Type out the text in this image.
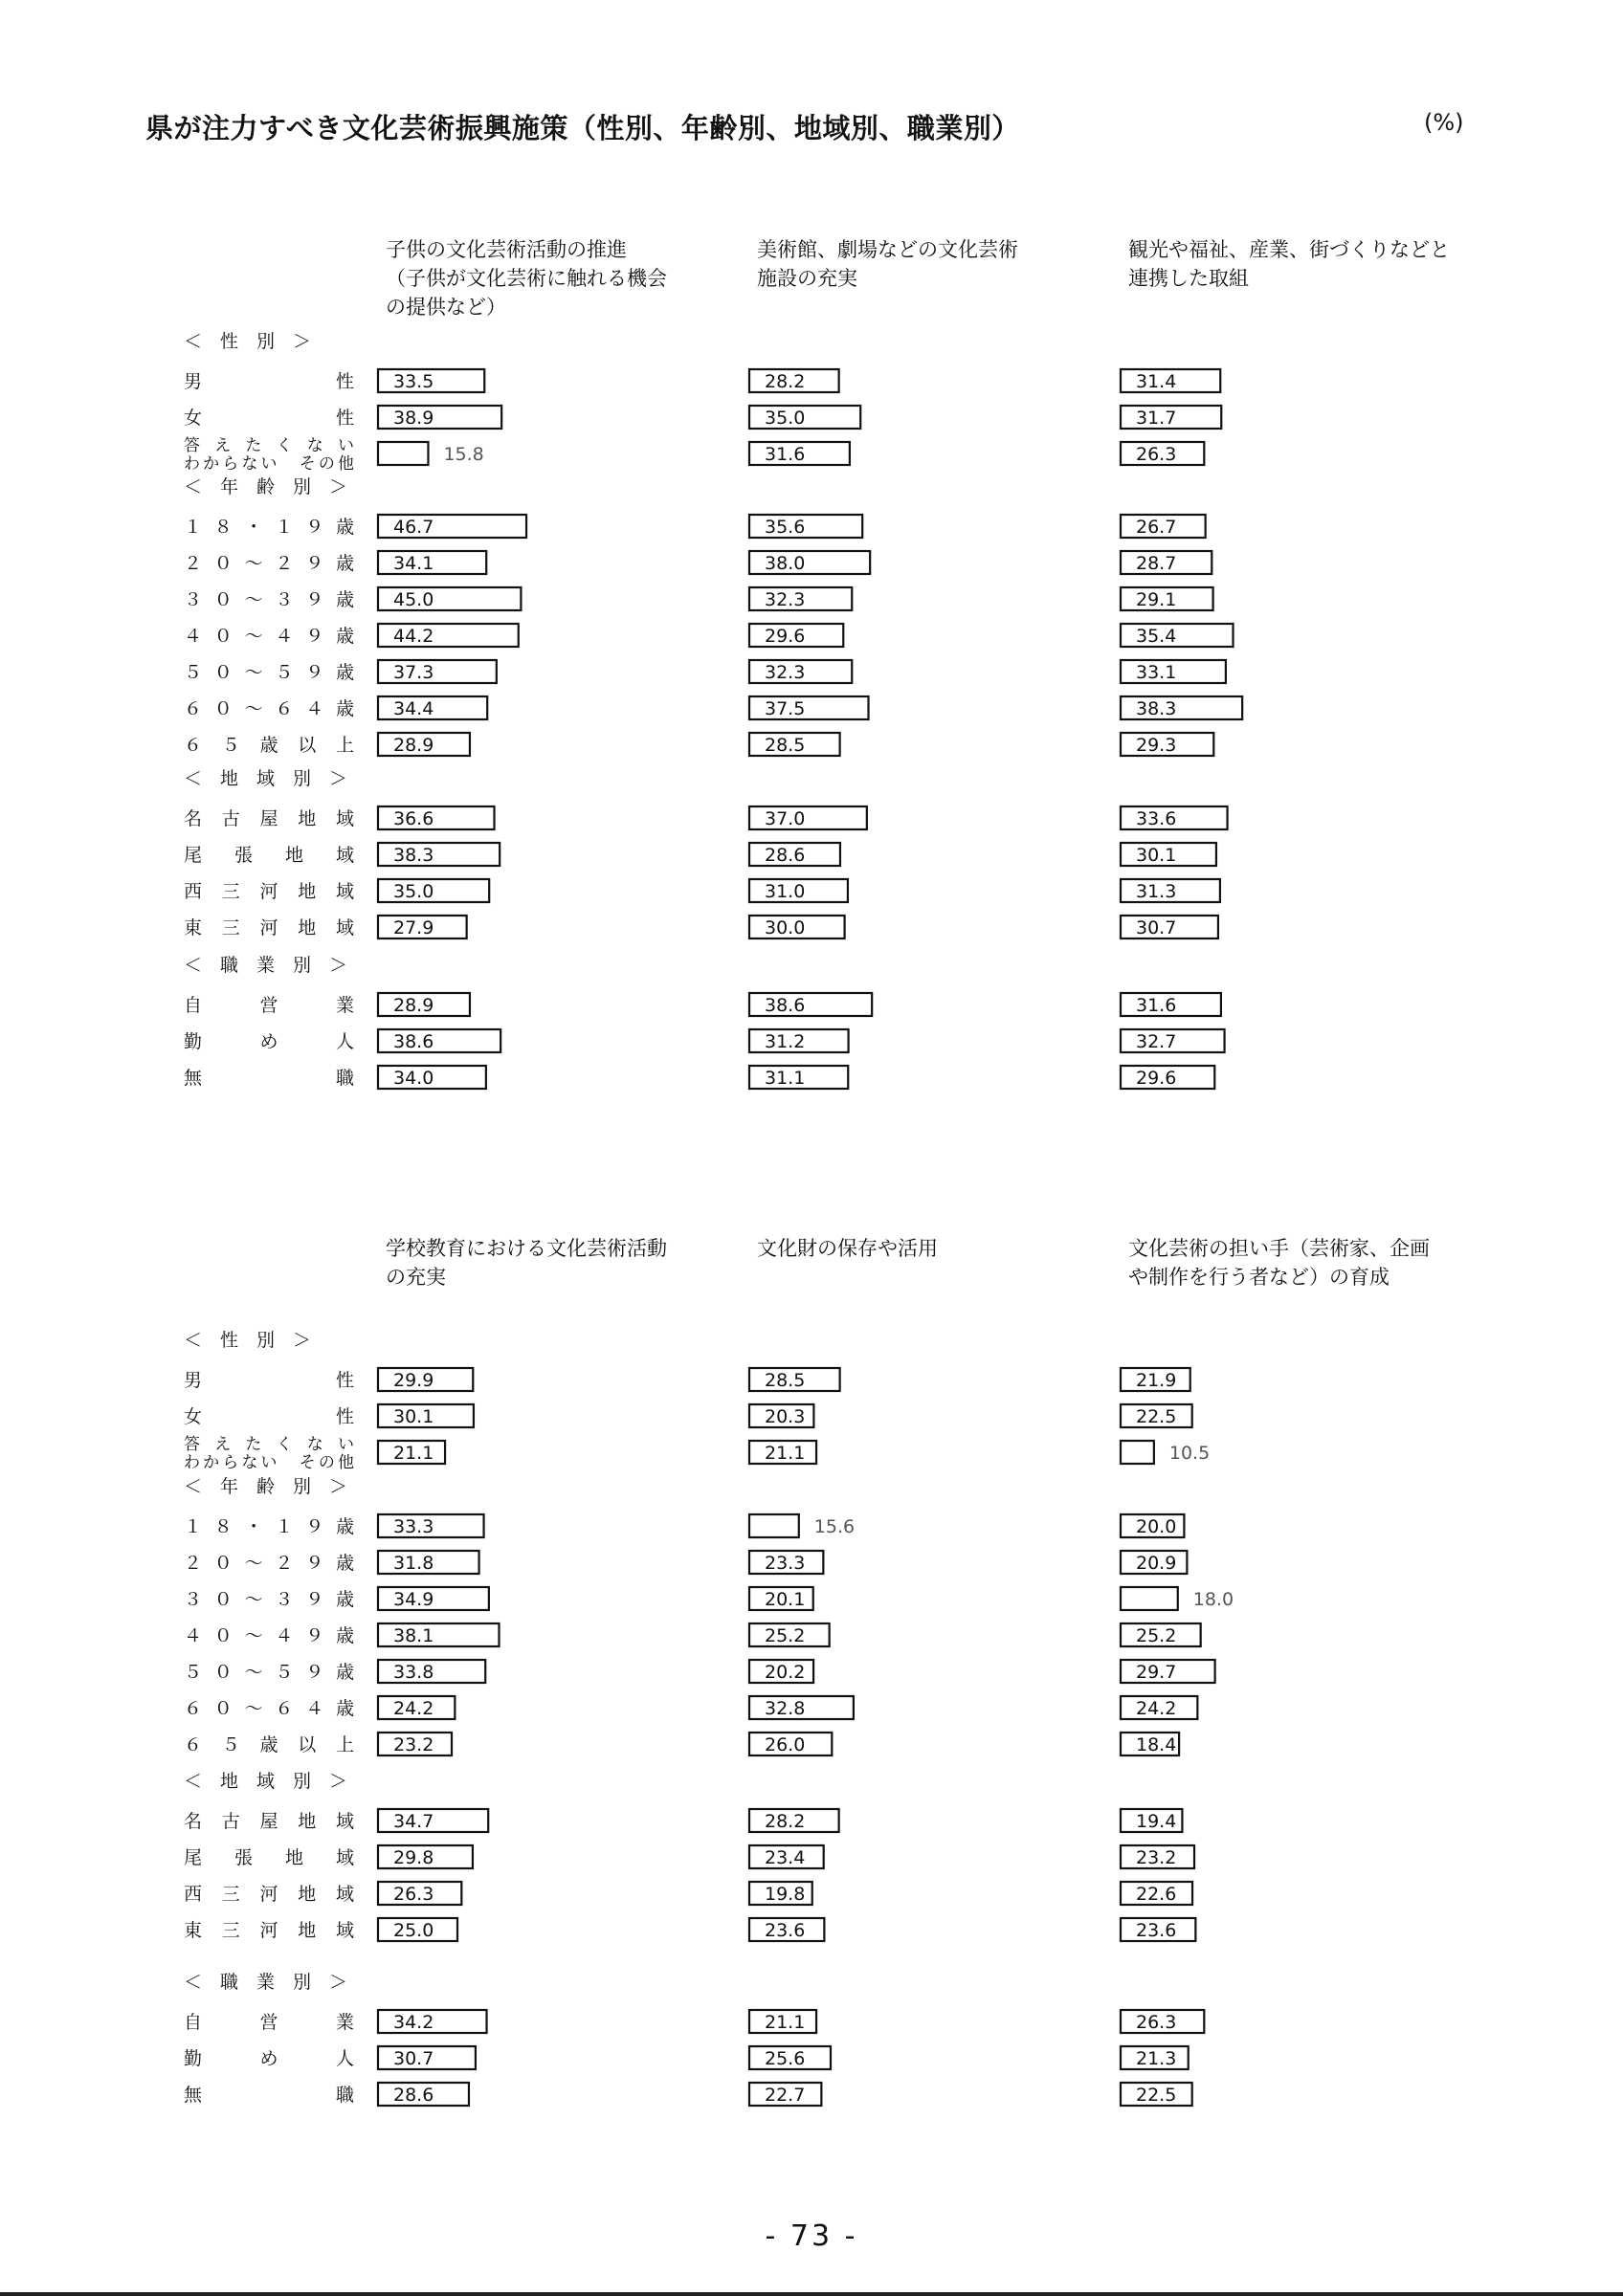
県が注力すべき文化芸術振興施策（性別、年齢別、地域別、職業別）	(%)
子供の文化芸術活動の推進
（子供が文化芸術に触れる機会
の提供など）
＜　性　別　＞
男　　　　性 33.5
女　　　　性 38.9
答えたくない
わからない　その他	15.8
＜　年　齢　別　＞
１８・１９歳 46.7
２０～２９歳 34.1
３０～３９歳 45.0
４０～４９歳 44.2
５０～５９歳 37.3
６０～６４歳 34.4
６５歳以上 28.9
＜　地　域　別　＞
名古屋地域 36.6
尾張地域 38.3
西三河地域 35.0
東三河地域 27.9
＜　職　業　別　＞
自　営　業 28.9
勤　め　人 38.6
無　　　職 34.0
美術館、劇場などの文化芸術
施設の充実
28.2
35.0
31.6
35.6
38.0
32.3
29.6
32.3
37.5
28.5
37.0
28.6
31.0
30.0
38.6
31.2
31.1
観光や福祉、産業、街づくりなどと
連携した取組
31.4
31.7
26.3
26.7
28.7
29.1
35.4
33.1
38.3
29.3
33.6
30.1
31.3
30.7
31.6
32.7
29.6
学校教育における文化芸術活動
の充実
＜　性　別　＞
男　　　　性 29.9
女　　　　性 30.1
答えたくない
わからない　その他 21.1
＜　年　齢　別　＞
１８・１９歳 33.3
２０～２９歳 31.8
３０～３９歳 34.9
４０～４９歳 38.1
５０～５９歳 33.8
６０～６４歳 24.2
６５歳以上 23.2
＜　地　域　別　＞
名古屋地域 34.7
尾張地域 29.8
西三河地域 26.3
東三河地域 25.0
＜　職　業　別　＞
自　営　業 34.2
勤　め　人 30.7
無　　　職 28.6
文化財の保存や活用
28.5
20.3
21.1
15.6
23.3
20.1
25.2
20.2
32.8
26.0
28.2
23.4
19.8
23.6
21.1
25.6
22.7
文化芸術の担い手（芸術家、企画
や制作を行う者など）の育成
21.9
22.5
10.5
20.0
20.9
18.0
25.2
29.7
24.2
18.4
19.4
23.2
22.6
23.6
26.3
21.3
22.5
- 73 -
